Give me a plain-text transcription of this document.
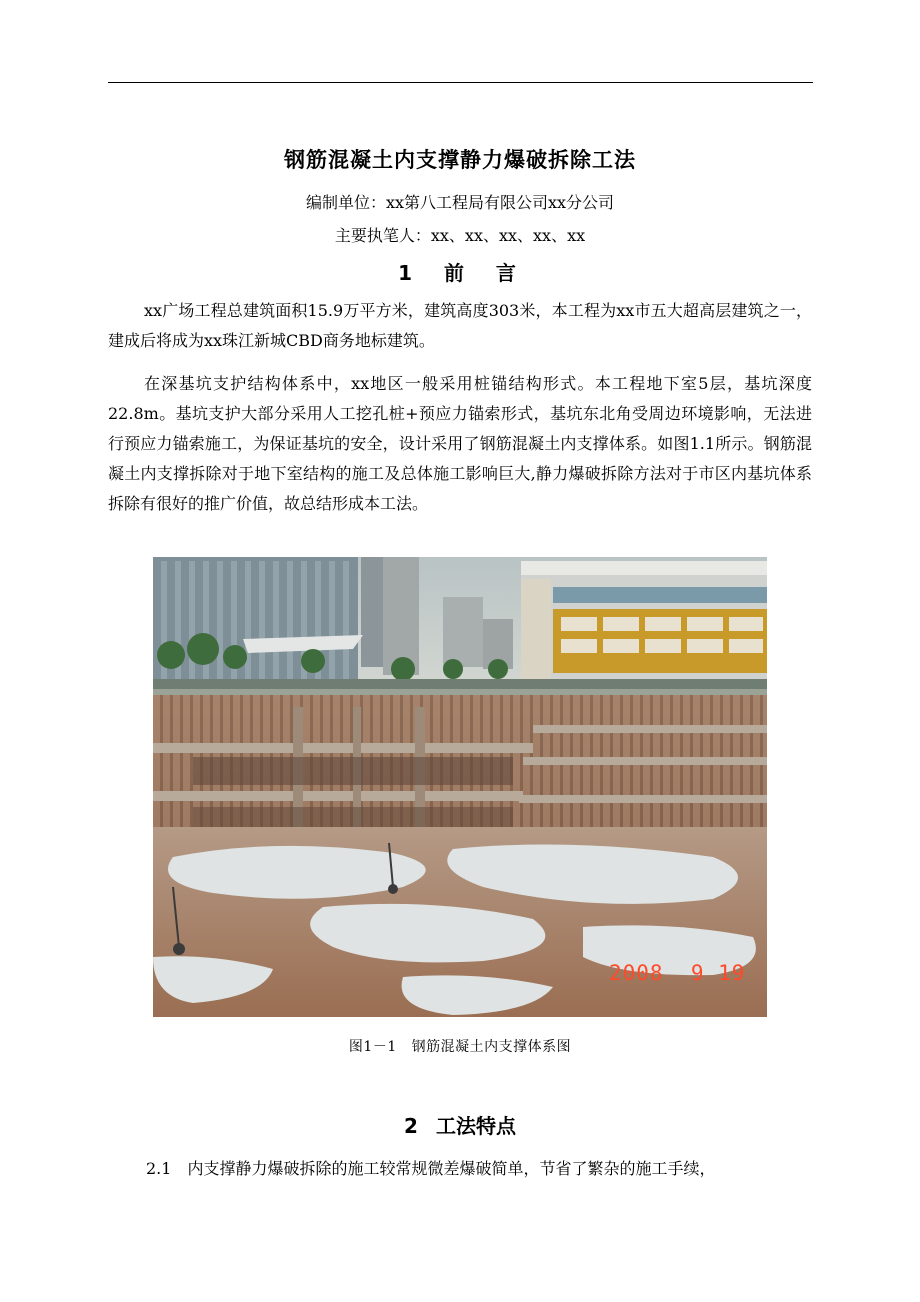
钢筋混凝土内支撑静力爆破拆除工法
编制单位：xx第八工程局有限公司xx分公司
主要执笔人：xx、xx、xx、xx、xx
1  前  言
xx广场工程总建筑面积15.9万平方米，建筑高度303米，本工程为xx市五大超高层建筑之一，建成后将成为xx珠江新城CBD商务地标建筑。
在深基坑支护结构体系中，xx地区一般采用桩锚结构形式。本工程地下室5层，基坑深度22.8m。基坑支护大部分采用人工挖孔桩+预应力锚索形式，基坑东北角受周边环境影响，无法进行预应力锚索施工，为保证基坑的安全，设计采用了钢筋混凝土内支撑体系。如图1.1所示。钢筋混凝土内支撑拆除对于地下室结构的施工及总体施工影响巨大,静力爆破拆除方法对于市区内基坑体系拆除有很好的推广价值，故总结形成本工法。
2008  9 19
图1－1   钢筋混凝土内支撑体系图
2 工法特点
2.1 内支撑静力爆破拆除的施工较常规微差爆破简单，节省了繁杂的施工手续，
